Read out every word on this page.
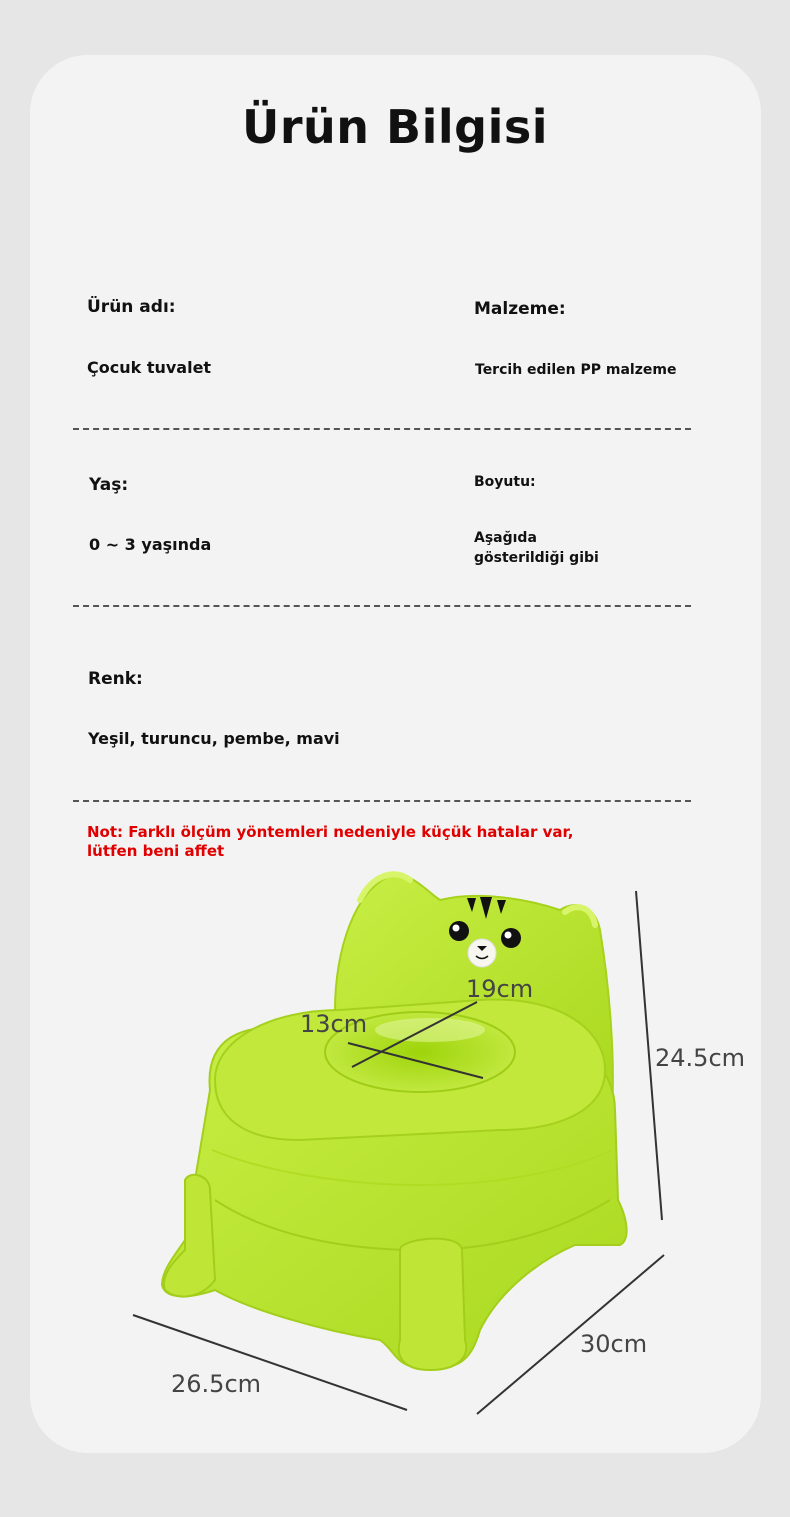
Ürün Bilgisi
Ürün adı:
Çocuk tuvalet
Malzeme:
Tercih edilen PP malzeme
Yaş:
0 ~ 3 yaşında
Boyutu:
Aşağıda
gösterildiği gibi
Renk:
Yeşil, turuncu, pembe, mavi
Not: Farklı ölçüm yöntemleri nedeniyle küçük hatalar var, lütfen beni affet
24.5cm
30cm
26.5cm
19cm
13cm
